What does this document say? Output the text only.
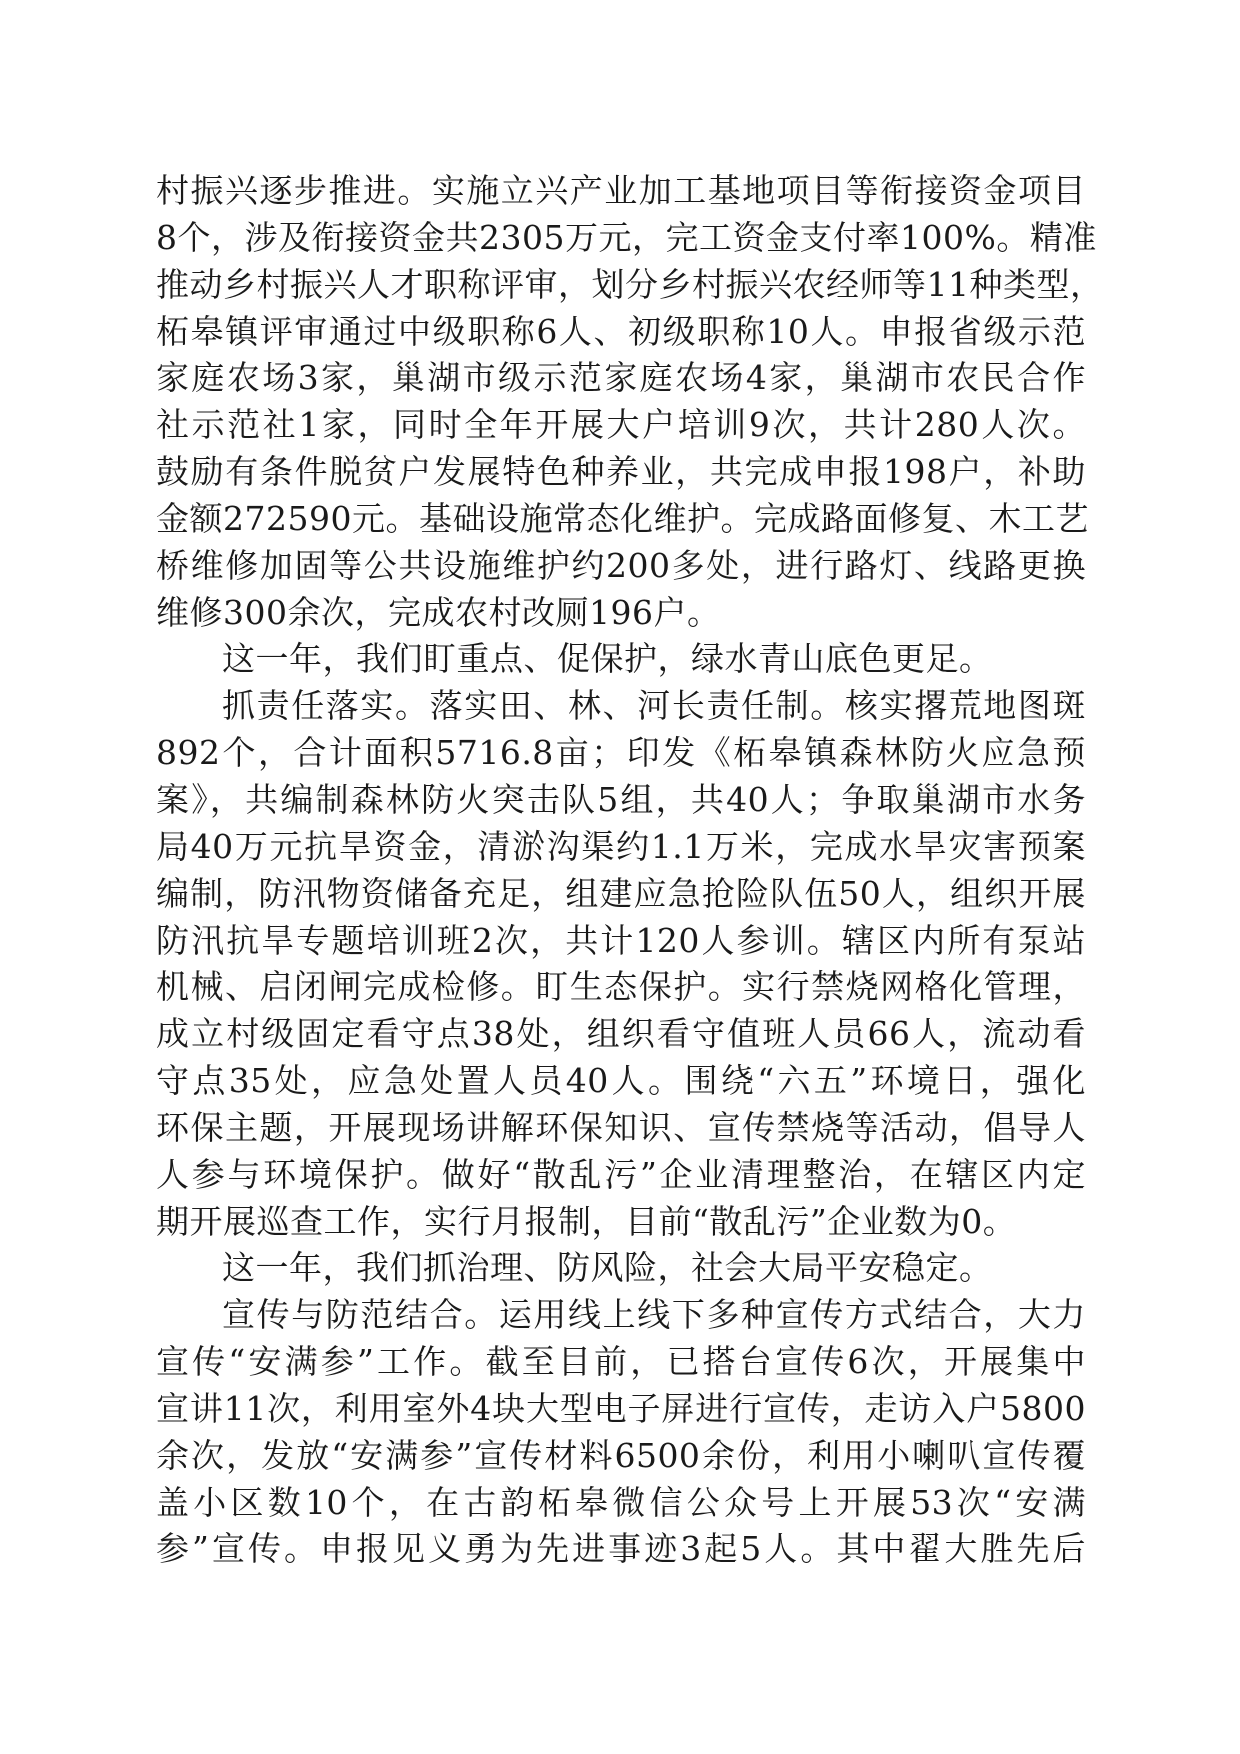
村振兴逐步推进。实施立兴产业加工基地项目等衔接资金项目
8个，涉及衔接资金共2305万元，完工资金支付率100%。精准
推动乡村振兴人才职称评审，划分乡村振兴农经师等11种类型，
柘皋镇评审通过中级职称6人、初级职称10人。申报省级示范
家庭农场3家，巢湖市级示范家庭农场4家，巢湖市农民合作
社示范社1家，同时全年开展大户培训9次，共计280人次。
鼓励有条件脱贫户发展特色种养业，共完成申报198户，补助
金额272590元。基础设施常态化维护。完成路面修复、木工艺
桥维修加固等公共设施维护约200多处，进行路灯、线路更换
维修300余次，完成农村改厕196户。
这一年，我们盯重点、促保护，绿水青山底色更足。
抓责任落实。落实田、林、河长责任制。核实撂荒地图斑
892个，合计面积5716.8亩；印发《柘皋镇森林防火应急预
案》，共编制森林防火突击队5组，共40人；争取巢湖市水务
局40万元抗旱资金，清淤沟渠约1.1万米，完成水旱灾害预案
编制，防汛物资储备充足，组建应急抢险队伍50人，组织开展
防汛抗旱专题培训班2次，共计120人参训。辖区内所有泵站
机械、启闭闸完成检修。盯生态保护。实行禁烧网格化管理，
成立村级固定看守点38处，组织看守值班人员66人，流动看
守点35处，应急处置人员40人。围绕“六五”环境日，强化
环保主题，开展现场讲解环保知识、宣传禁烧等活动，倡导人
人参与环境保护。做好“散乱污”企业清理整治，在辖区内定
期开展巡查工作，实行月报制，目前“散乱污”企业数为0。
这一年，我们抓治理、防风险，社会大局平安稳定。
宣传与防范结合。运用线上线下多种宣传方式结合，大力
宣传“安满参”工作。截至目前，已搭台宣传6次，开展集中
宣讲11次，利用室外4块大型电子屏进行宣传，走访入户5800
余次，发放“安满参”宣传材料6500余份，利用小喇叭宣传覆
盖小区数10个，在古韵柘皋微信公众号上开展53次“安满
参”宣传。申报见义勇为先进事迹3起5人。其中翟大胜先后
